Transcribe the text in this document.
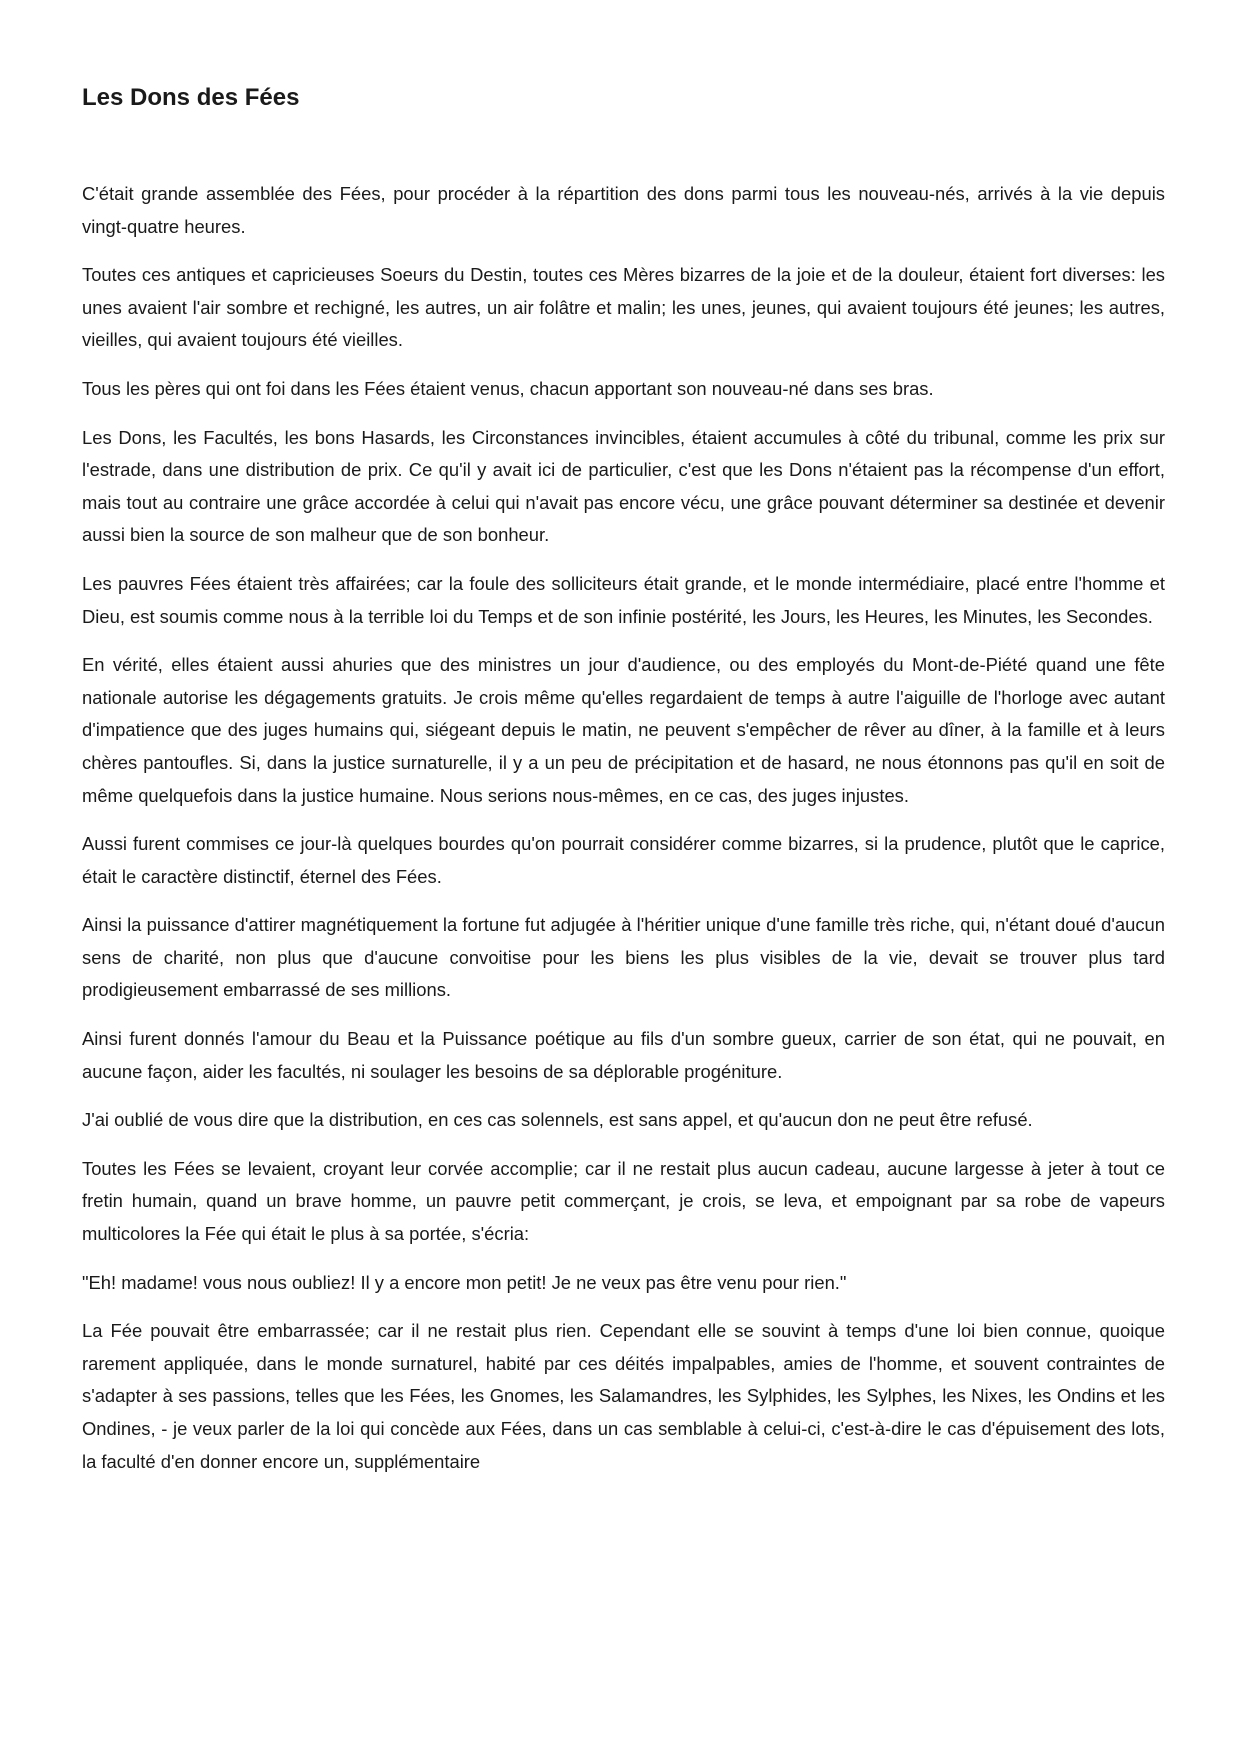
Les Dons des Fées

C'était grande assemblée des Fées, pour procéder à la répartition des dons parmi tous les nouveau-nés, arrivés à la vie depuis vingt-quatre heures.

Toutes ces antiques et capricieuses Soeurs du Destin, toutes ces Mères bizarres de la joie et de la douleur, étaient fort diverses: les unes avaient l'air sombre et rechigné, les autres, un air folâtre et malin; les unes, jeunes, qui avaient toujours été jeunes; les autres, vieilles, qui avaient toujours été vieilles.

Tous les pères qui ont foi dans les Fées étaient venus, chacun apportant son nouveau-né dans ses bras.

Les Dons, les Facultés, les bons Hasards, les Circonstances invincibles, étaient accumules à côté du tribunal, comme les prix sur l'estrade, dans une distribution de prix. Ce qu'il y avait ici de particulier, c'est que les Dons n'étaient pas la récompense d'un effort, mais tout au contraire une grâce accordée à celui qui n'avait pas encore vécu, une grâce pouvant déterminer sa destinée et devenir aussi bien la source de son malheur que de son bonheur.

Les pauvres Fées étaient très affairées; car la foule des solliciteurs était grande, et le monde intermédiaire, placé entre l'homme et Dieu, est soumis comme nous à la terrible loi du Temps et de son infinie postérité, les Jours, les Heures, les Minutes, les Secondes.

En vérité, elles étaient aussi ahuries que des ministres un jour d'audience, ou des employés du Mont-de-Piété quand une fête nationale autorise les dégagements gratuits. Je crois même qu'elles regardaient de temps à autre l'aiguille de l'horloge avec autant d'impatience que des juges humains qui, siégeant depuis le matin, ne peuvent s'empêcher de rêver au dîner, à la famille et à leurs chères pantoufles. Si, dans la justice surnaturelle, il y a un peu de précipitation et de hasard, ne nous étonnons pas qu'il en soit de même quelquefois dans la justice humaine. Nous serions nous-mêmes, en ce cas, des juges injustes.

Aussi furent commises ce jour-là quelques bourdes qu'on pourrait considérer comme bizarres, si la prudence, plutôt que le caprice, était le caractère distinctif, éternel des Fées.

Ainsi la puissance d'attirer magnétiquement la fortune fut adjugée à l'héritier unique d'une famille très riche, qui, n'étant doué d'aucun sens de charité, non plus que d'aucune convoitise pour les biens les plus visibles de la vie, devait se trouver plus tard prodigieusement embarrassé de ses millions.

Ainsi furent donnés l'amour du Beau et la Puissance poétique au fils d'un sombre gueux, carrier de son état, qui ne pouvait, en aucune façon, aider les facultés, ni soulager les besoins de sa déplorable progéniture.

J'ai oublié de vous dire que la distribution, en ces cas solennels, est sans appel, et qu'aucun don ne peut être refusé.

Toutes les Fées se levaient, croyant leur corvée accomplie; car il ne restait plus aucun cadeau, aucune largesse à jeter à tout ce fretin humain, quand un brave homme, un pauvre petit commerçant, je crois, se leva, et empoignant par sa robe de vapeurs multicolores la Fée qui était le plus à sa portée, s'écria:

"Eh! madame! vous nous oubliez! Il y a encore mon petit! Je ne veux pas être venu pour rien."

La Fée pouvait être embarrassée; car il ne restait plus rien. Cependant elle se souvint à temps d'une loi bien connue, quoique rarement appliquée, dans le monde surnaturel, habité par ces déités impalpables, amies de l'homme, et souvent contraintes de s'adapter à ses passions, telles que les Fées, les Gnomes, les Salamandres, les Sylphides, les Sylphes, les Nixes, les Ondins et les Ondines, - je veux parler de la loi qui concède aux Fées, dans un cas semblable à celui-ci, c'est-à-dire le cas d'épuisement des lots, la faculté d'en donner encore un, supplémentaire
